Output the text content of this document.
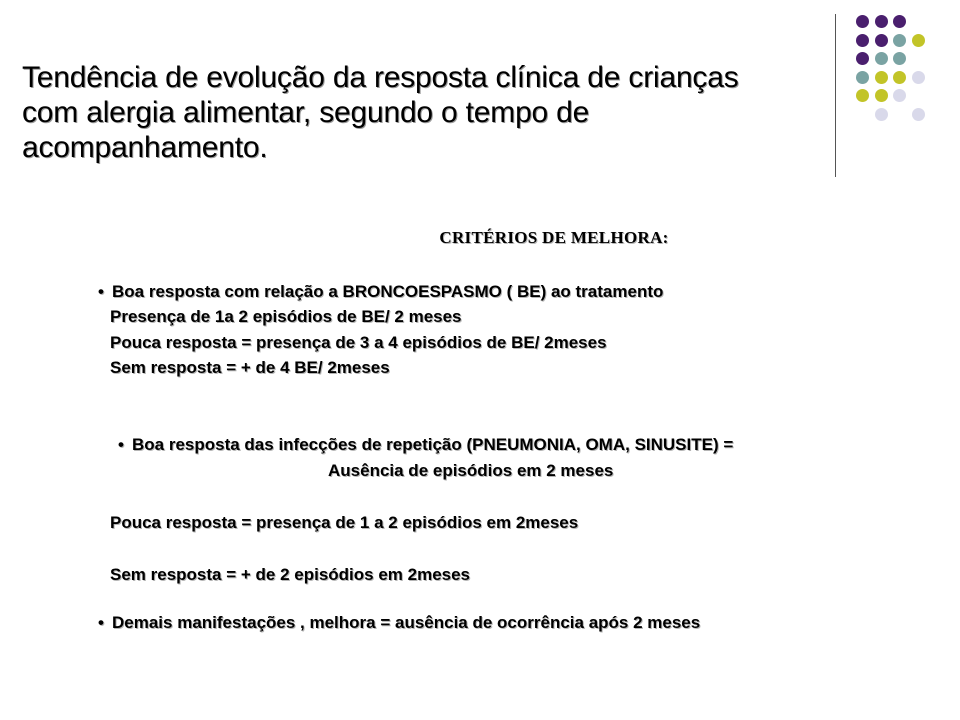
Tendência de evolução da resposta clínica de crianças
com alergia alimentar, segundo o tempo de
acompanhamento.
CRITÉRIOS DE MELHORA:
• Boa resposta com relação a BRONCOESPASMO ( BE) ao tratamento
Presença de 1a 2 episódios de BE/ 2 meses
Pouca resposta = presença de 3 a 4 episódios de BE/ 2meses
Sem resposta = + de 4 BE/ 2meses
• Boa resposta das infecções de repetição (PNEUMONIA, OMA, SINUSITE) =
Ausência de episódios em 2 meses
Pouca resposta = presença de 1 a 2 episódios em 2meses
Sem resposta = + de 2 episódios em 2meses
• Demais manifestações , melhora = ausência de ocorrência após 2 meses
